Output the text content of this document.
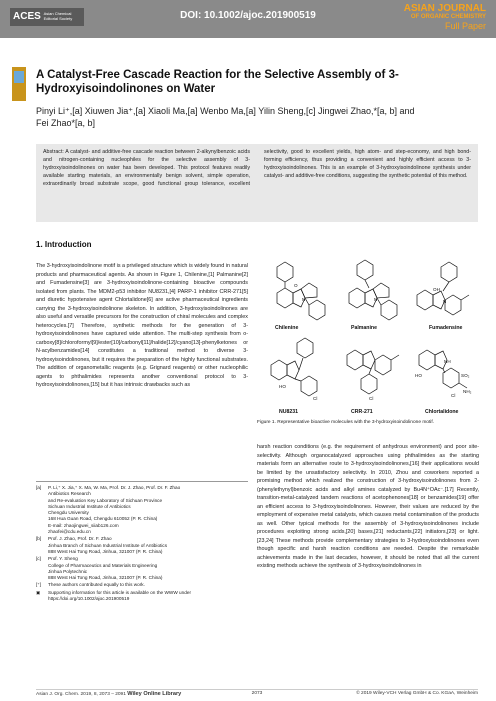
ACES Asian Chemical
Editorial Society	DOI: 10.1002/ajoc.201900519
ASIAN JOURNAL
OF ORGANIC CHEMISTRY
Full Paper
A Catalyst-Free Cascade Reaction for the Selective Assembly of 3-Hydroxyisoindolinones on Water
Pinyi Li⁺,[a] Xiuwen Jia⁺,[a] Xiaoli Ma,[a] Wenbo Ma,[a] Yilin Sheng,[c] Jingwei Zhao,*[a, b] and
Fei Zhao*[a, b]
Abstract: A catalyst- and additive-free cascade reaction between 2-alkynylbenzoic acids and nitrogen-containing nucleophiles for the selective assembly of 3-hydroxyisoindolinones on water has been developed. This protocol features readily available starting materials, an environmentally benign solvent, simple operation, extraordinarily broad substrate scope, good functional group tolerance, excellent selectivity, good to excellent yields, high atom- and step-economy, and high bond-forming efficiency, thus providing a convenient and highly efficient access to 3-hydroxyisoindolinones. This is an example of 3-hydroxyisoindolinone synthesis under catalyst- and additive-free conditions, suggesting the synthetic potential of this method.
1. Introduction

The 3-hydroxyisoindolinone motif is a privileged structure which is widely found in natural products and pharmaceutical agents. As shown in Figure 1, Chilenine,[1] Palmanine[2] and Fumadensine[3] are 3-hydroxyisoindolinone-containing bioactive compounds isolated from plants. The MDM2-p53 inhibitor NU8231,[4] PARP-1 inhibitor CRR-271[5] and diuretic hypotensive agent Chlortalidone[6] are active pharmaceutical ingredients carrying the 3-hydroxyisoindolinone skeleton. In addition, 3-hydroxyisoindolinones are also useful and versatile precursors for the construction of chiral molecules and complex heterocycles.[7] Therefore, synthetic methods for the generation of 3-hydroxyisoindolinones have captured wide attention. The multi-step synthesis from o-carboxy[8]/chloroformyl[9]/ester[10]/carbonyl[11]/halide[12]/cyano[13]-phenylketones or N-acylbenzamides[14] constitutes a traditional method to diverse 3-hydroxyisoindolinones, but it requires the preparation of the highly functional substrates. The addition of organometallic reagents (e.g. Grignard reagents) or other nucleophilic agents to phthalimides represents another conventional protocol to 3-hydroxyisoindolinones,[15] but it has intrinsic drawbacks such as

O
N	N	N
OH
HO
Cl	Cl
HO
NH
SO₂
NH₂
Cl
Chilenine	Palmanine	Fumadensine
NU8231	CRR-271	Chlortalidone
Figure 1. Representative bioactive molecules with the 3-hydroxyisoindolinone motif.

harsh reaction conditions (e.g. the requirement of anhydrous environment) and poor site-selectivity. Although organocatalyzed approaches using phthalimides as the starting materials form an alternative route to 3-hydroxyisoindolinones,[16] their applications would be limited by the unsatisfactory selectivity. In 2010, Zhou and coworkers reported a promising method which realized the construction of 3-hydroxyisoindolinones from 2-(phenylethynyl)benzoic acids and alkyl amines catalyzed by Bu4N⁺OAc⁻.[17] Recently, transition-metal-catalyzed tandem reactions of acetophenones[18] or benzamides[19] offer an efficient access to 3-hydroxyisoindolinones. However, their values are reduced by the employment of expensive metal catalysts, which causes metal contamination of the products as well. Other typical methods for the assembly of 3-hydroxyisoindolinones include procedures exploiting strong acids,[20] bases,[21] reductants,[22] initiators,[23] or light.[23,24] These methods provide complementary strategies to 3-hydroxyisoindolinones even though specific and harsh reaction conditions are needed. Despite the remarkable achievements made in the last decades, however, it should be noted that all the current existing methods achieve the synthesis of 3-hydroxyisoindolinones in

[a]	P. Li,⁺ X. Jia,⁺ X. Ma, W. Ma, Prof. Dr. J. Zhao, Prof. Dr. F. Zhao
Antibiotics Research
and Re-evaluation Key Laboratory of Sichuan Province
Sichuan Industrial Institute of Antibiotics
Chengdu University
168 Hua Guan Road, Chengdu 610052 (P. R. China)
E-mail: zhaojingwei_siiab126.com
zhaofei@cdu.edu.cn
[b]	Prof. J. Zhao, Prof. Dr. F. Zhao
Jinhua Branch of Sichuan Industrial Institute of Antibiotics
888 West Hai Tong Road, Jinhua, 321007 (P. R. China)
[c]	Prof. Y. Sheng
College of Pharmaceutics and Materials Engineering
Jinhua Polytechnic
888 West Hai Tong Road, Jinhua, 321007 (P. R. China)
[⁺]	These authors contributed equally to this work.
▣	Supporting information for this article is available on the WWW under
https://doi.org/10.1002/ajoc.201900519
Asian J. Org. Chem. 2019, 8, 2073 – 2091 Wiley Online Library	2073	© 2019 Wiley-VCH Verlag GmbH & Co. KGaA, Weinheim
